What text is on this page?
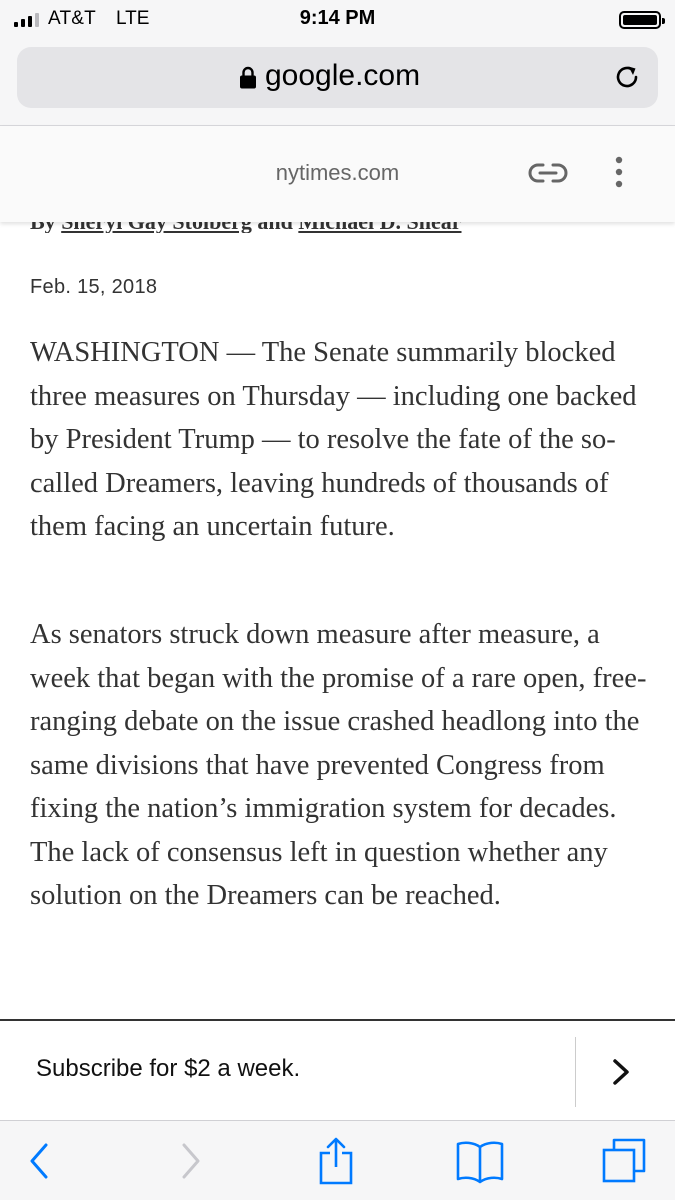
AT&T LTE	9:14 PM
google.com
nytimes.com
Feb. 15, 2018

WASHINGTON — The Senate summarily blocked three measures on Thursday — including one backed by President Trump — to resolve the fate of the so-called Dreamers, leaving hundreds of thousands of them facing an uncertain future.

As senators struck down measure after measure, a week that began with the promise of a rare open, free-ranging debate on the issue crashed headlong into the same divisions that have prevented Congress from fixing the nation’s immigration system for decades. The lack of consensus left in question whether any solution on the Dreamers can be reached.

Subscribe for $2 a week.
